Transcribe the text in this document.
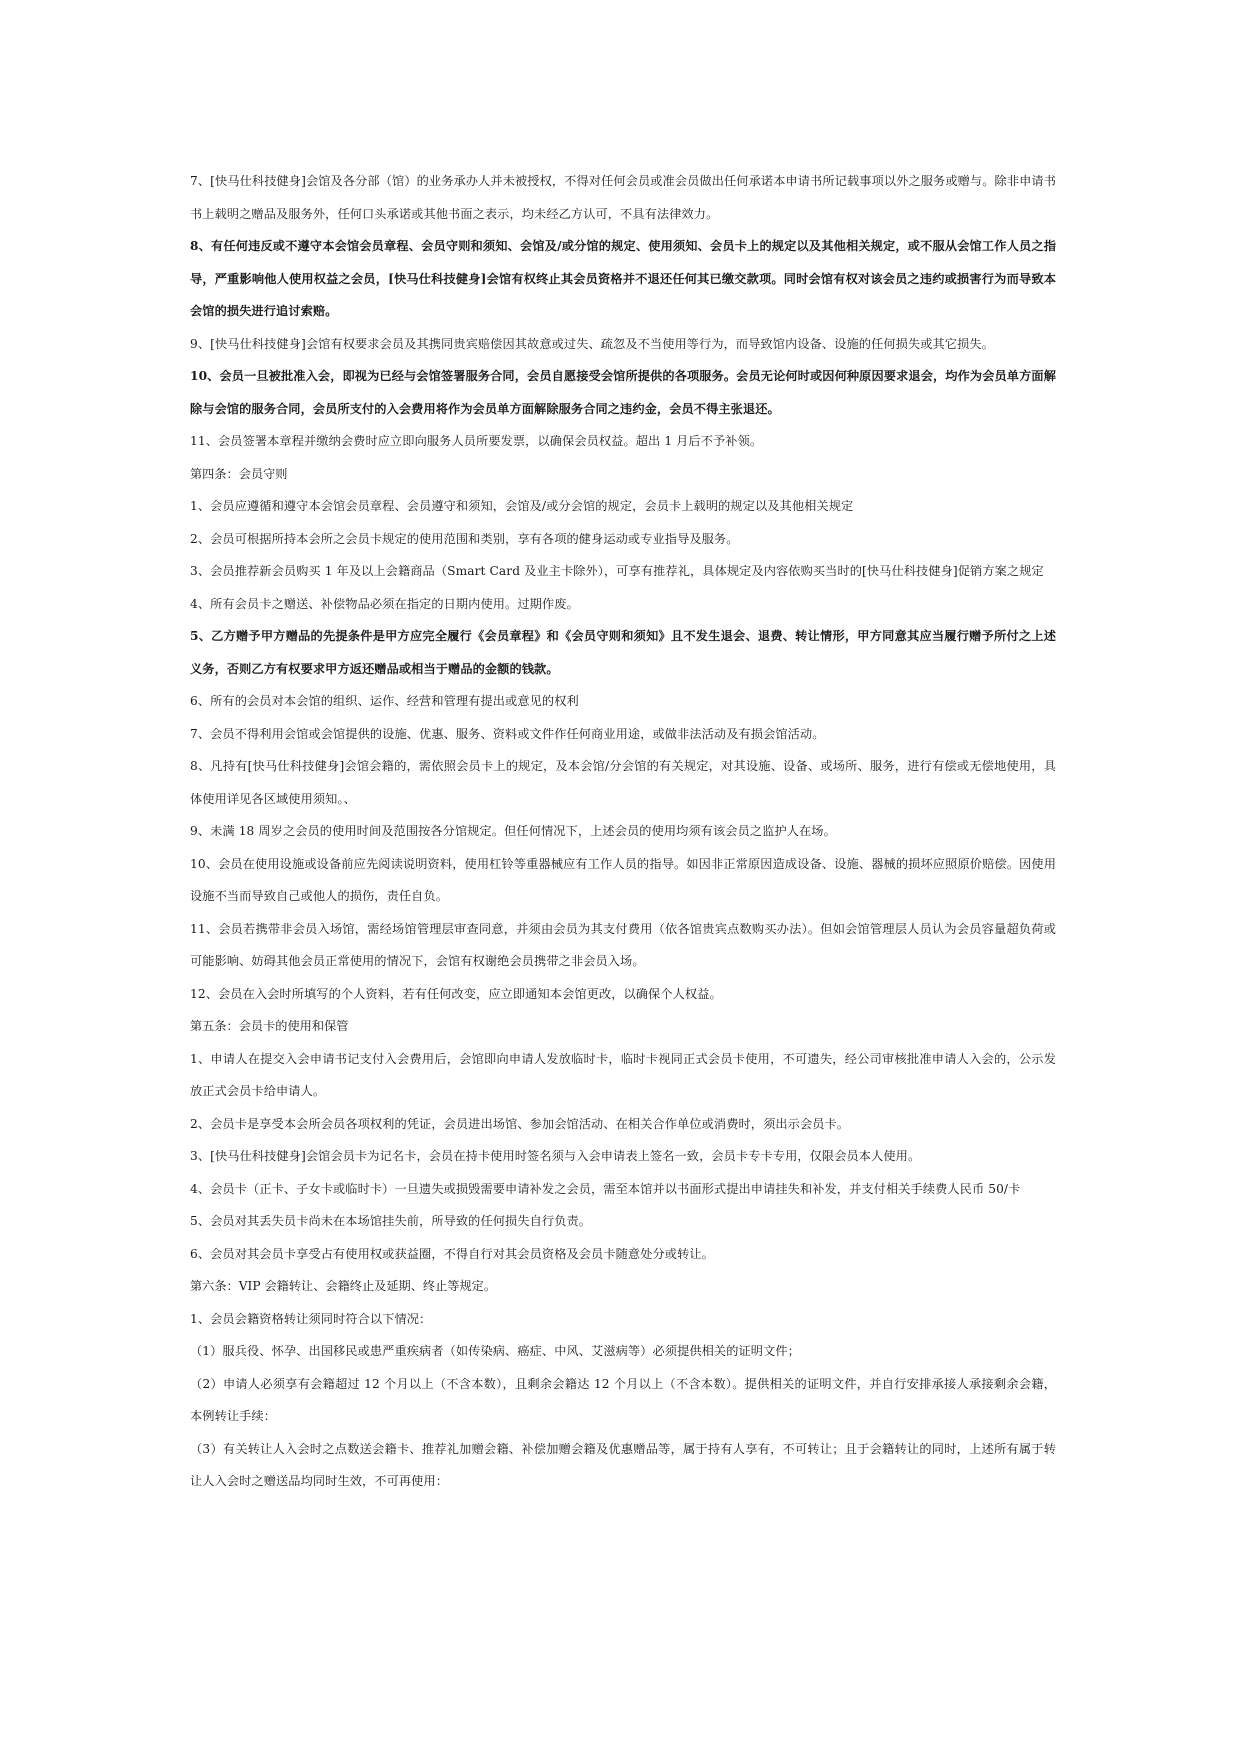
7、[快马仕科技健身]会馆及各分部（馆）的业务承办人并未被授权，不得对任何会员或准会员做出任何承诺本申请书所记载事项以外之服务或赠与。除非申请书书上载明之赠品及服务外，任何口头承诺或其他书面之表示，均未经乙方认可，不具有法律效力。

8、有任何违反或不遵守本会馆会员章程、会员守则和须知、会馆及/或分馆的规定、使用须知、会员卡上的规定以及其他相关规定，或不服从会馆工作人员之指导，严重影响他人使用权益之会员，[快马仕科技健身]会馆有权终止其会员资格并不退还任何其已缴交款项。同时会馆有权对该会员之违约或损害行为而导致本会馆的损失进行追讨索赔。

9、[快马仕科技健身]会馆有权要求会员及其携同贵宾赔偿因其故意或过失、疏忽及不当使用等行为，而导致馆内设备、设施的任何损失或其它损失。

10、会员一旦被批准入会，即视为已经与会馆签署服务合同，会员自愿接受会馆所提供的各项服务。会员无论何时或因何种原因要求退会，均作为会员单方面解除与会馆的服务合同，会员所支付的入会费用将作为会员单方面解除服务合同之违约金，会员不得主张退还。

11、会员签署本章程并缴纳会费时应立即向服务人员所要发票，以确保会员权益。超出 1 月后不予补领。

第四条：会员守则

1、会员应遵循和遵守本会馆会员章程、会员遵守和须知，会馆及/或分会馆的规定，会员卡上载明的规定以及其他相关规定

2、会员可根据所持本会所之会员卡规定的使用范围和类别，享有各项的健身运动或专业指导及服务。

3、会员推荐新会员购买 1 年及以上会籍商品（Smart Card 及业主卡除外），可享有推荐礼，具体规定及内容依购买当时的[快马仕科技健身]促销方案之规定

4、所有会员卡之赠送、补偿物品必须在指定的日期内使用。过期作废。

5、乙方赠予甲方赠品的先提条件是甲方应完全履行《会员章程》和《会员守则和须知》且不发生退会、退费、转让情形，甲方同意其应当履行赠予所付之上述义务，否则乙方有权要求甲方返还赠品或相当于赠品的金额的钱款。

6、所有的会员对本会馆的组织、运作、经营和管理有提出或意见的权利

7、会员不得利用会馆或会馆提供的设施、优惠、服务、资料或文件作任何商业用途，或做非法活动及有损会馆活动。

8、凡持有[快马仕科技健身]会馆会籍的，需依照会员卡上的规定，及本会馆/分会馆的有关规定，对其设施、设备、或场所、服务，进行有偿或无偿地使用，具体使用详见各区域使用须知。、

9、未满 18 周岁之会员的使用时间及范围按各分馆规定。但任何情况下，上述会员的使用均须有该会员之监护人在场。

10、会员在使用设施或设备前应先阅读说明资料，使用杠铃等重器械应有工作人员的指导。如因非正常原因造成设备、设施、器械的损坏应照原价赔偿。因使用设施不当而导致自己或他人的损伤，责任自负。

11、会员若携带非会员入场馆，需经场馆管理层审查同意，并须由会员为其支付费用（依各馆贵宾点数购买办法）。但如会馆管理层人员认为会员容量超负荷或可能影响、妨碍其他会员正常使用的情况下，会馆有权谢绝会员携带之非会员入场。

12、会员在入会时所填写的个人资料，若有任何改变，应立即通知本会馆更改，以确保个人权益。

第五条：会员卡的使用和保管

1、申请人在提交入会申请书记支付入会费用后，会馆即向申请人发放临时卡，临时卡视同正式会员卡使用，不可遗失，经公司审核批准申请人入会的，公示发放正式会员卡给申请人。

2、会员卡是享受本会所会员各项权利的凭证，会员进出场馆、参加会馆活动、在相关合作单位或消费时，须出示会员卡。

3、[快马仕科技健身]会馆会员卡为记名卡，会员在持卡使用时签名须与入会申请表上签名一致，会员卡专卡专用，仅限会员本人使用。

4、会员卡（正卡、子女卡或临时卡）一旦遗失或损毁需要申请补发之会员，需至本馆并以书面形式提出申请挂失和补发，并支付相关手续费人民币 50/卡

5、会员对其丢失员卡尚未在本场馆挂失前，所导致的任何损失自行负责。

6、会员对其会员卡享受占有使用权或获益圈，不得自行对其会员资格及会员卡随意处分或转让。

第六条：VIP 会籍转让、会籍终止及延期、终止等规定。

1、会员会籍资格转让须同时符合以下情况：

（1）服兵役、怀孕、出国移民或患严重疾病者（如传染病、癌症、中风、艾滋病等）必须提供相关的证明文件；

（2）申请人必须享有会籍超过 12 个月以上（不含本数），且剩余会籍达 12 个月以上（不含本数）。提供相关的证明文件，并自行安排承接人承接剩余会籍，本例转让手续：

（3）有关转让人入会时之点数送会籍卡、推荐礼加赠会籍、补偿加赠会籍及优惠赠品等，属于持有人享有，不可转让；且于会籍转让的同时，上述所有属于转让人入会时之赠送品均同时生效，不可再使用：
